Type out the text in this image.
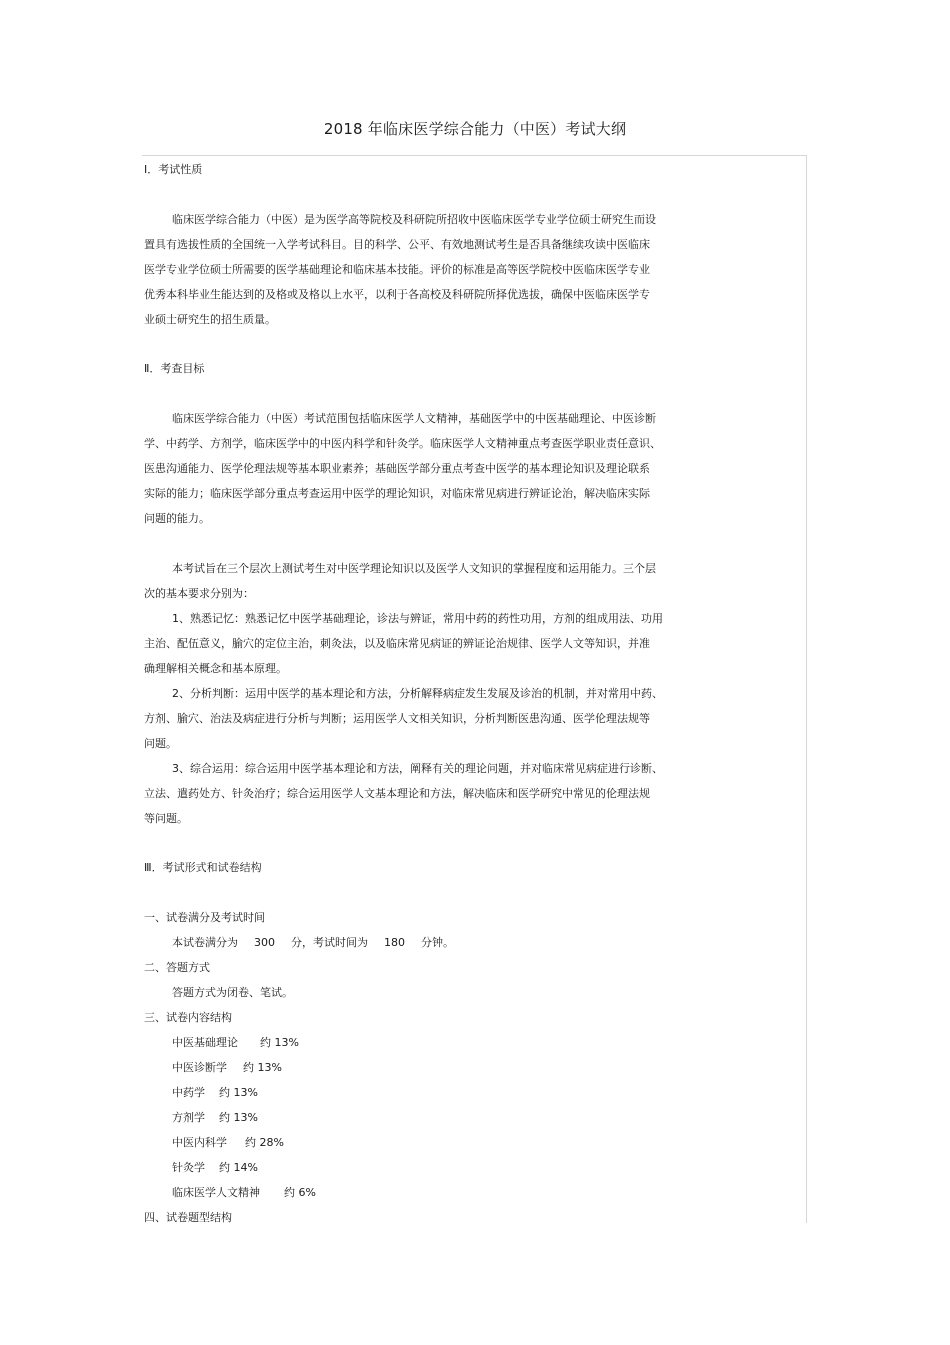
2018 年临床医学综合能力（中医）考试大纲
Ⅰ．考试性质
临床医学综合能力（中医）是为医学高等院校及科研院所招收中医临床医学专业学位硕士研究生而设
置具有选拔性质的全国统一入学考试科目。目的科学、公平、有效地测试考生是否具备继续攻读中医临床
医学专业学位硕士所需要的医学基础理论和临床基本技能。评价的标准是高等医学院校中医临床医学专业
优秀本科毕业生能达到的及格或及格以上水平，以利于各高校及科研院所择优选拔，确保中医临床医学专
业硕士研究生的招生质量。
Ⅱ．考查目标
临床医学综合能力（中医）考试范围包括临床医学人文精神，基础医学中的中医基础理论、中医诊断
学、中药学、方剂学，临床医学中的中医内科学和针灸学。临床医学人文精神重点考查医学职业责任意识、
医患沟通能力、医学伦理法规等基本职业素养；基础医学部分重点考查中医学的基本理论知识及理论联系
实际的能力；临床医学部分重点考查运用中医学的理论知识，对临床常见病进行辨证论治，解决临床实际
问题的能力。
本考试旨在三个层次上测试考生对中医学理论知识以及医学人文知识的掌握程度和运用能力。三个层
次的基本要求分别为：
1、熟悉记忆：熟悉记忆中医学基础理论，诊法与辨证，常用中药的药性功用，方剂的组成用法、功用
主治、配伍意义，腧穴的定位主治，刺灸法，以及临床常见病证的辨证论治规律、医学人文等知识，并准
确理解相关概念和基本原理。
2、分析判断：运用中医学的基本理论和方法，分析解释病症发生发展及诊治的机制，并对常用中药、
方剂、腧穴、治法及病症进行分析与判断；运用医学人文相关知识，分析判断医患沟通、医学伦理法规等
问题。
3、综合运用：综合运用中医学基本理论和方法，阐释有关的理论问题，并对临床常见病症进行诊断、
立法、遣药处方、针灸治疗；综合运用医学人文基本理论和方法，解决临床和医学研究中常见的伦理法规
等问题。
Ⅲ．考试形式和试卷结构
一、试卷满分及考试时间
本试卷满分为 300 分，考试时间为 180 分钟。
二、答题方式
答题方式为闭卷、笔试。
三、试卷内容结构
中医基础理论 约 13%
中医诊断学 约 13%
中药学 约 13%
方剂学 约 13%
中医内科学 约 28%
针灸学 约 14%
临床医学人文精神 约 6%
四、试卷题型结构
